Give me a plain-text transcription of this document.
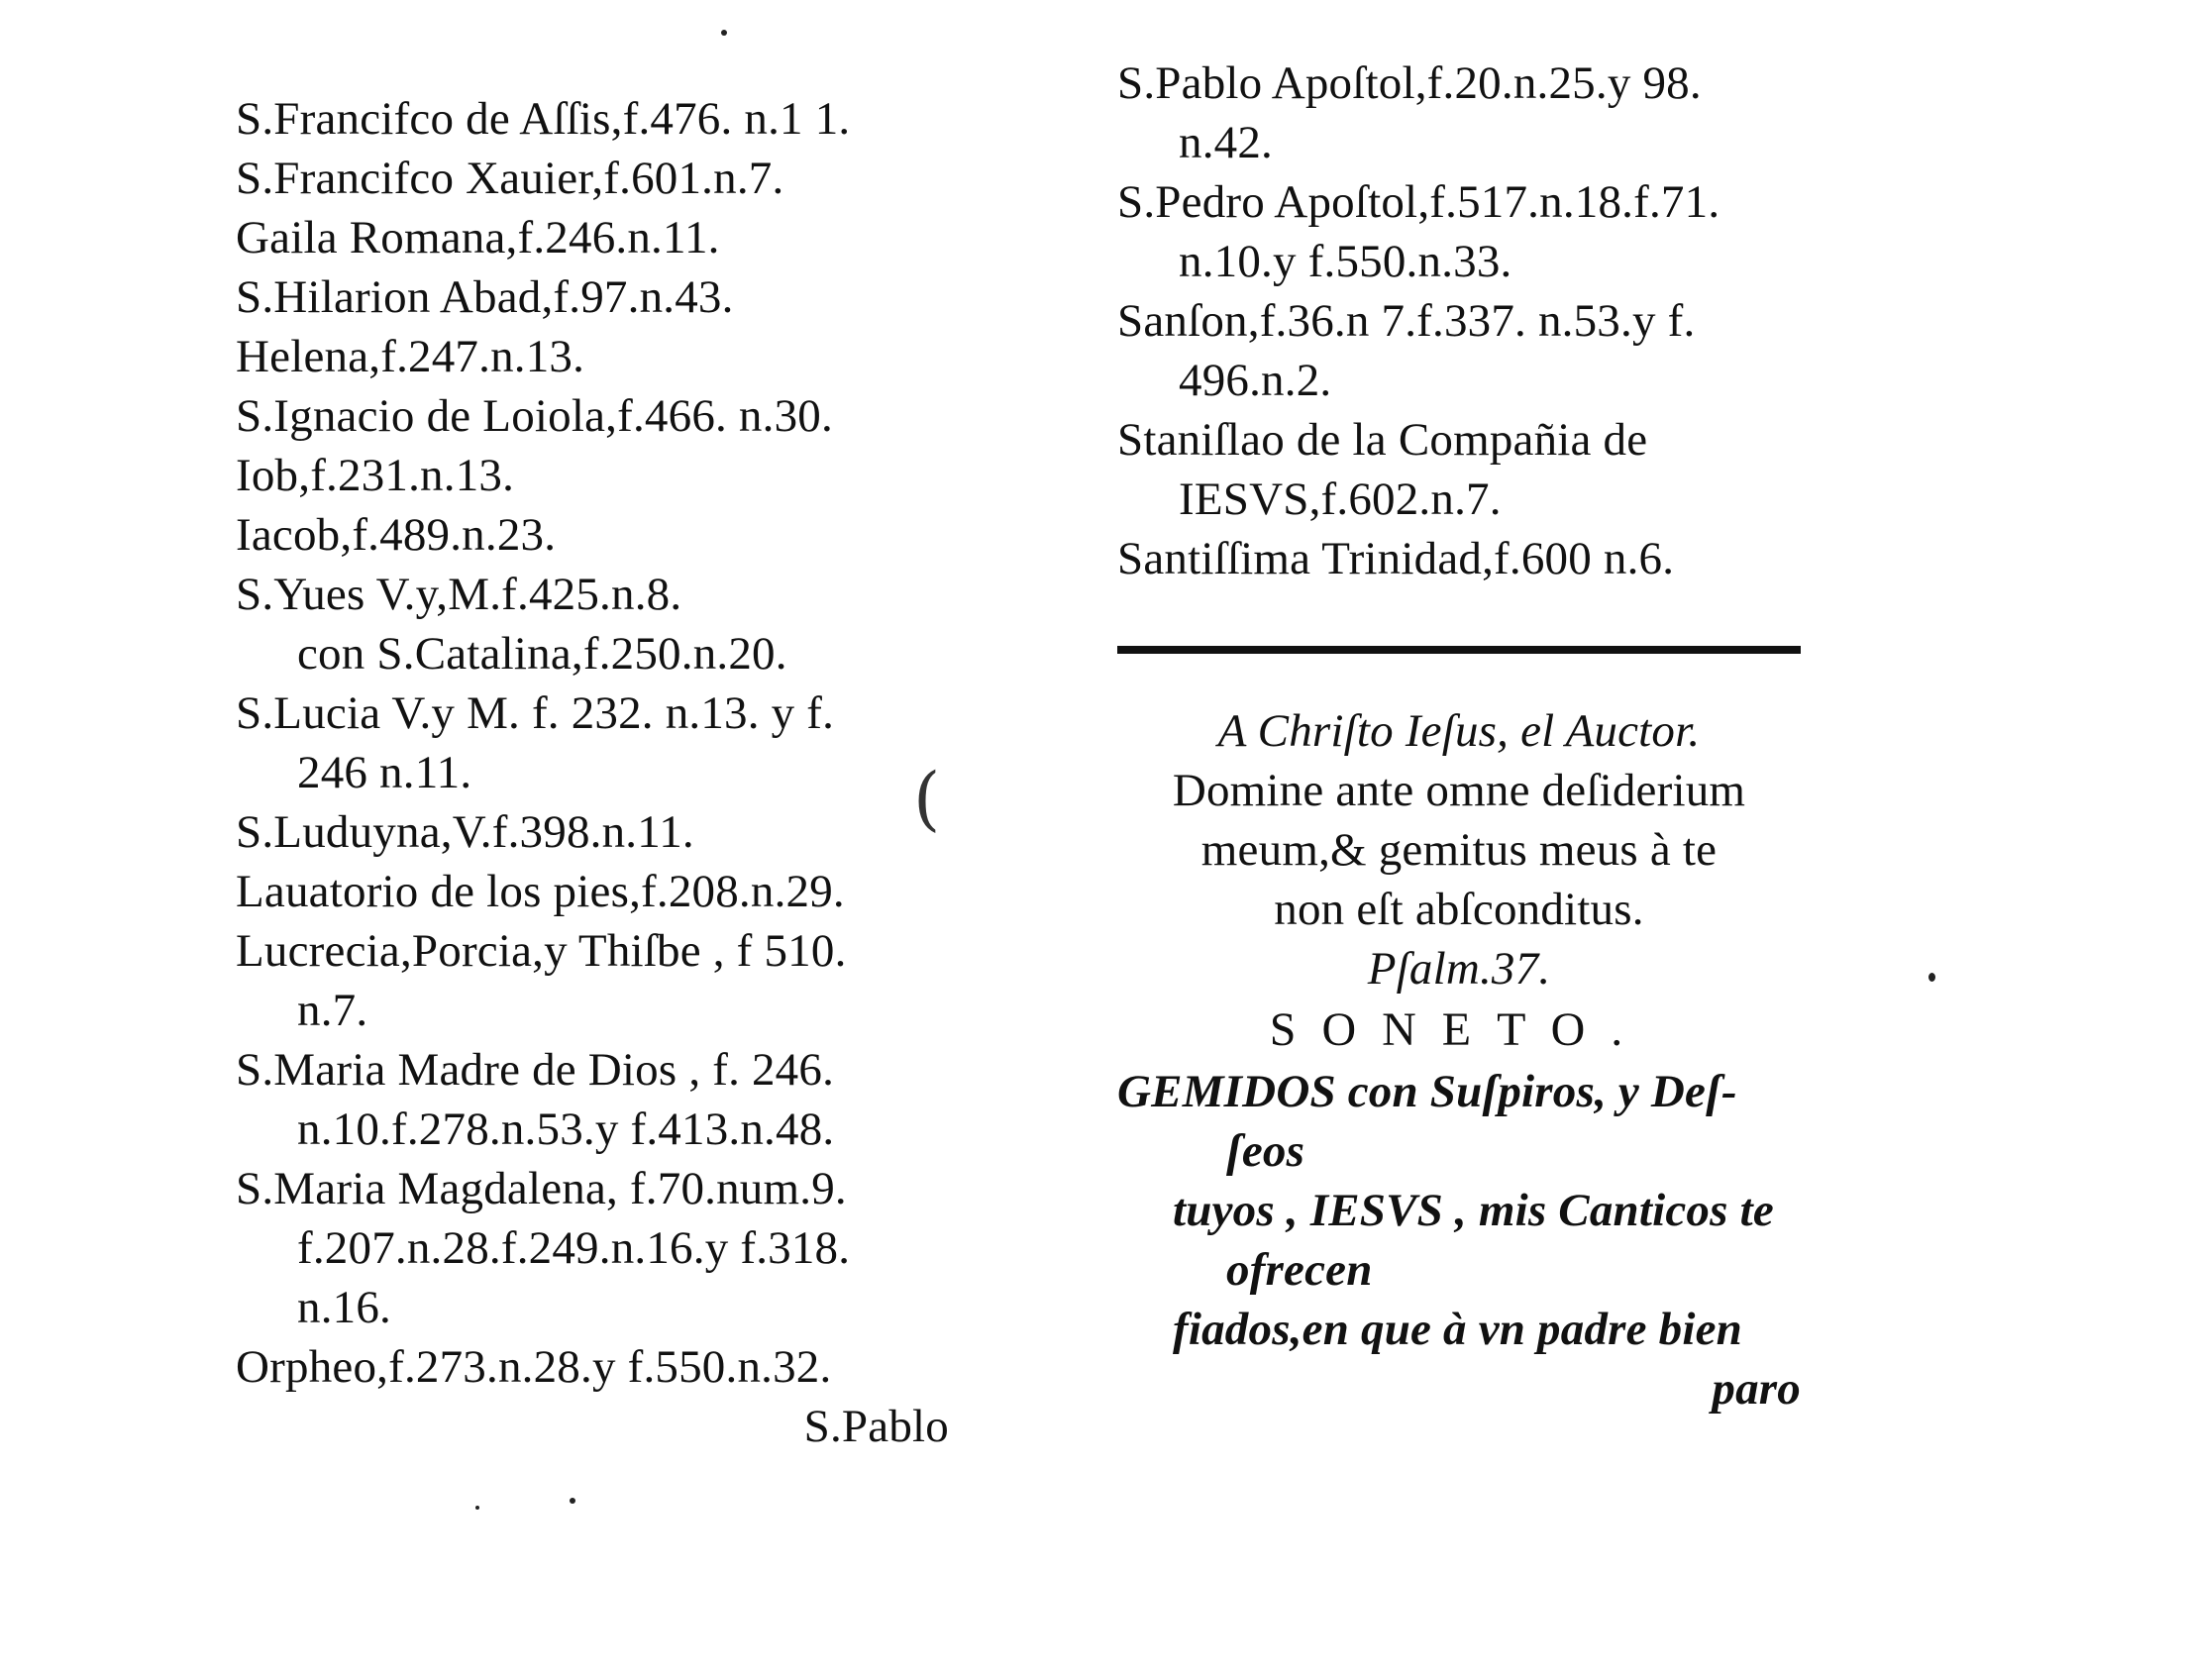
S.Francifco de Aſſis,f.476. n.1 1.
S.Francifco Xauier,f.601.n.7.
Gaila Romana,f.246.n.11.
S.Hilarion Abad,f.97.n.43.
Helena,f.247.n.13.
S.Ignacio de Loiola,f.466. n.30.
Iob,f.231.n.13.
Iacob,f.489.n.23.
S.Yues V.y,M.f.425.n.8.
con S.Catalina,f.250.n.20.
S.Lucia V.y M. f. 232. n.13. y f.
246 n.11.
S.Luduyna,V.f.398.n.11.
Lauatorio de los pies,f.208.n.29.
Lucrecia,Porcia,y Thiſbe , f 510.
n.7.
S.Maria Madre de Dios , f. 246.
n.10.f.278.n.53.y f.413.n.48.
S.Maria Magdalena, f.70.num.9.
f.207.n.28.f.249.n.16.y f.318.
n.16.
Orpheo,f.273.n.28.y f.550.n.32.
S.Pablo
(
S.Pablo Apoſtol,f.20.n.25.y 98.
n.42.
S.Pedro Apoſtol,f.517.n.18.f.71.
n.10.y f.550.n.33.
Sanſon,f.36.n 7.f.337. n.53.y f.
496.n.2.
Staniſlao de la Compañia de
IESVS,f.602.n.7.
Santiſſima Trinidad,f.600 n.6.
A Chriſto Ieſus, el Auctor.
Domine ante omne deſiderium
meum,& gemitus meus à te
non eſt abſconditus.
Pſalm.37.
SONETO.
GEMIDOS con Suſpiros, y Deſ-
ſeos
tuyos , IESVS , mis Canticos te
ofrecen
fiados,en que à vn padre bien
paro
